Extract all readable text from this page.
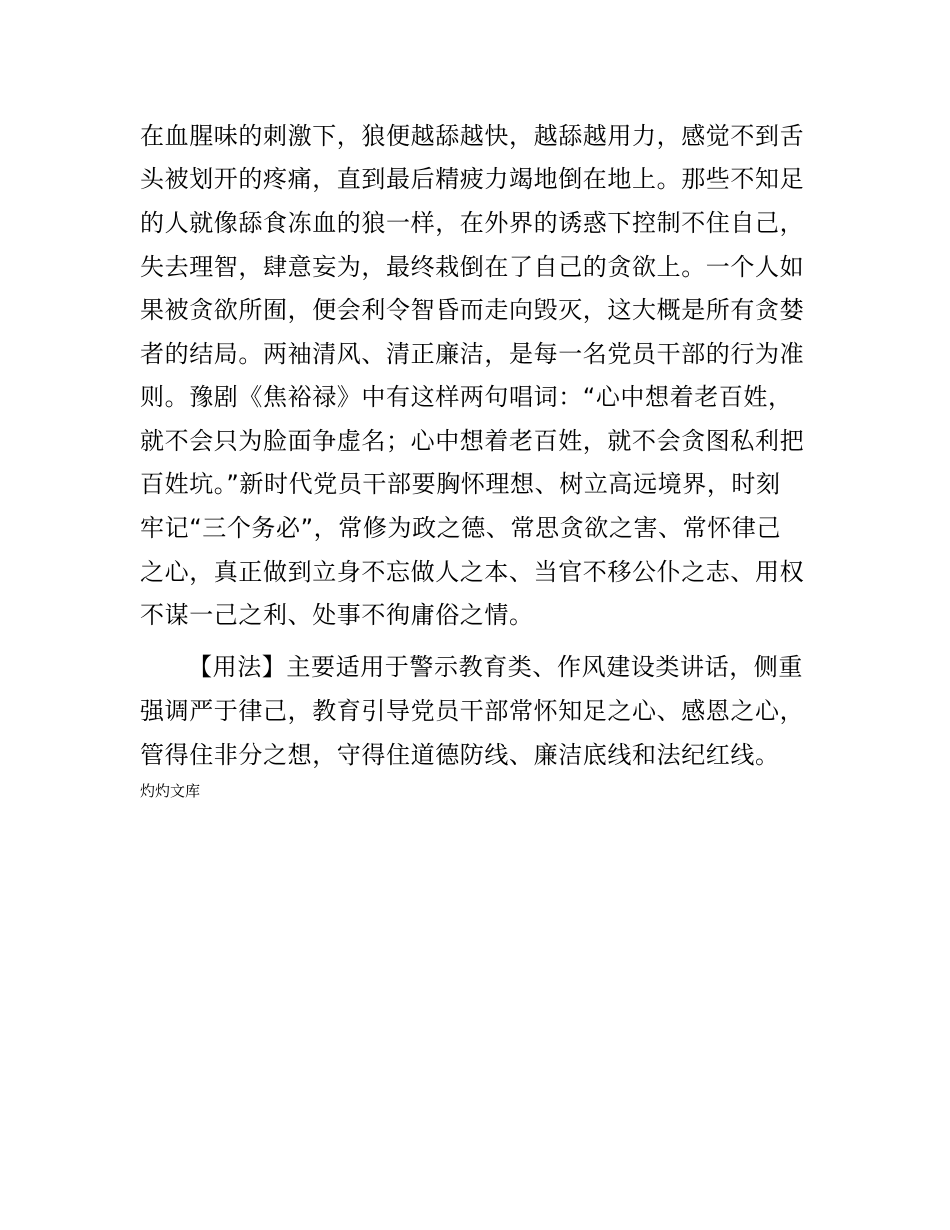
在血腥味的刺激下，狼便越舔越快，越舔越用力，感觉不到舌
头被划开的疼痛，直到最后精疲力竭地倒在地上。那些不知足
的人就像舔食冻血的狼一样，在外界的诱惑下控制不住自己，
失去理智，肆意妄为，最终栽倒在了自己的贪欲上。一个人如
果被贪欲所囿，便会利令智昏而走向毁灭，这大概是所有贪婪
者的结局。两袖清风、清正廉洁，是每一名党员干部的行为准
则。豫剧《焦裕禄》中有这样两句唱词：“心中想着老百姓，
就不会只为脸面争虚名；心中想着老百姓，就不会贪图私利把
百姓坑。”新时代党员干部要胸怀理想、树立高远境界，时刻
牢记“三个务必”，常修为政之德、常思贪欲之害、常怀律己
之心，真正做到立身不忘做人之本、当官不移公仆之志、用权
不谋一己之利、处事不徇庸俗之情。
【用法】主要适用于警示教育类、作风建设类讲话，侧重
强调严于律己，教育引导党员干部常怀知足之心、感恩之心，
管得住非分之想，守得住道德防线、廉洁底线和法纪红线。
灼灼文库
